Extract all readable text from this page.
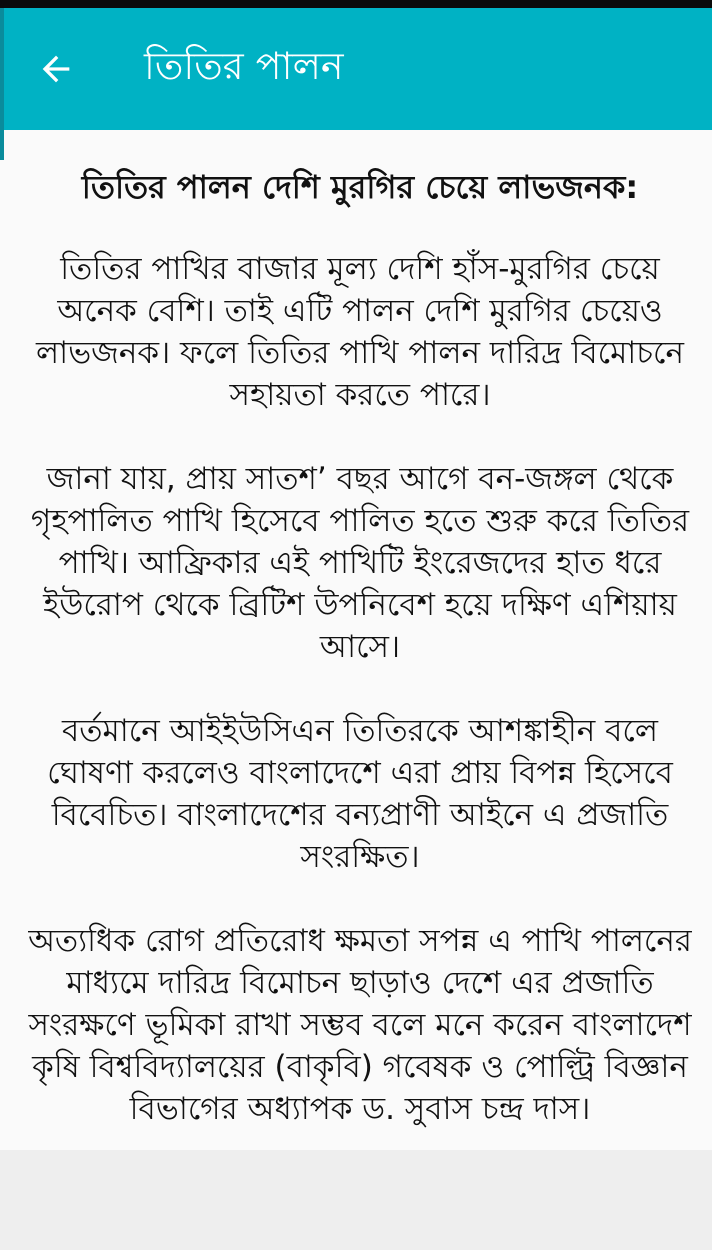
তিতির পালন
তিতির পালন দেশি মুরগির চেয়ে লাভজনক:
তিতির পাখির বাজার মূল্য দেশি হাঁস-মুরগির চেয়ে অনেক বেশি। তাই এটি পালন দেশি মুরগির চেয়েও লাভজনক। ফলে তিতির পাখি পালন দারিদ্র বিমোচনে সহায়তা করতে পারে।
জানা যায়, প্রায় সাতশ’ বছর আগে বন-জঙ্গল থেকে গৃহপালিত পাখি হিসেবে পালিত হতে শুরু করে তিতির পাখি। আফ্রিকার এই পাখিটি ইংরেজদের হাত ধরে ইউরোপ থেকে ব্রিটিশ উপনিবেশ হয়ে দক্ষিণ এশিয়ায় আসে।
বর্তমানে আইইউসিএন তিতিরকে আশঙ্কাহীন বলে ঘোষণা করলেও বাংলাদেশে এরা প্রায় বিপন্ন হিসেবে বিবেচিত। বাংলাদেশের বন্যপ্রাণী আইনে এ প্রজাতি সংরক্ষিত।
অত্যধিক রোগ প্রতিরোধ ক্ষমতা সপন্ন এ পাখি পালনের মাধ্যমে দারিদ্র বিমোচন ছাড়াও দেশে এর প্রজাতি সংরক্ষণে ভূমিকা রাখা সম্ভব বলে মনে করেন বাংলাদেশ কৃষি বিশ্ববিদ্যালয়ের (বাকৃবি) গবেষক ও পোল্ট্রি বিজ্ঞান বিভাগের অধ্যাপক ড. সুবাস চন্দ্র দাস।
